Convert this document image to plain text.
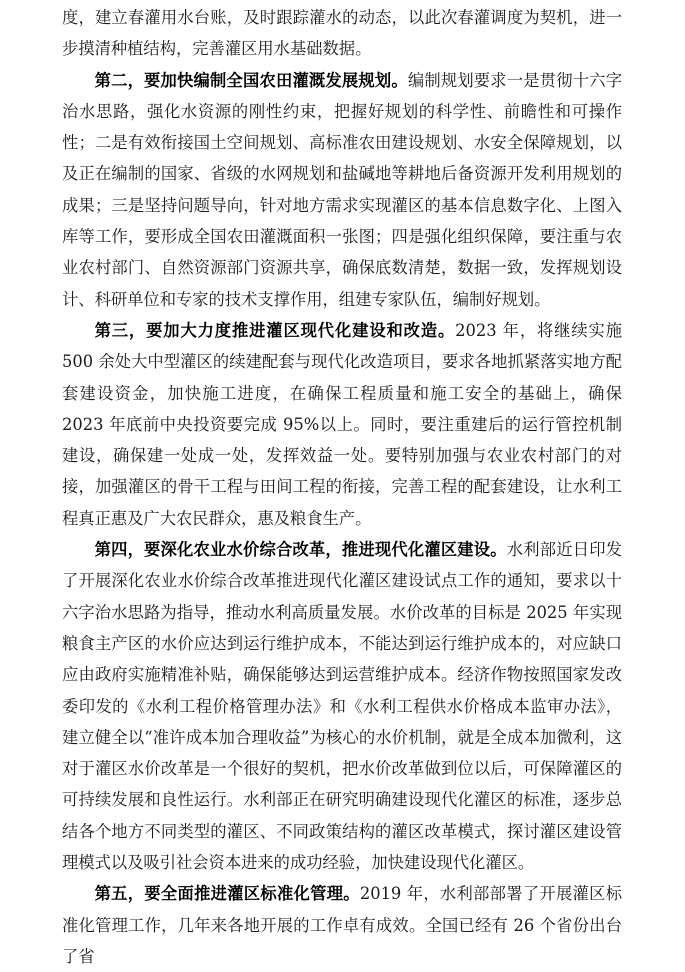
度，建立春灌用水台账，及时跟踪灌水的动态，以此次春灌调度为契机，进一步摸清种植结构，完善灌区用水基础数据。

第二，要加快编制全国农田灌溉发展规划。编制规划要求一是贯彻十六字治水思路，强化水资源的刚性约束，把握好规划的科学性、前瞻性和可操作性；二是有效衔接国土空间规划、高标准农田建设规划、水安全保障规划，以及正在编制的国家、省级的水网规划和盐碱地等耕地后备资源开发利用规划的成果；三是坚持问题导向，针对地方需求实现灌区的基本信息数字化、上图入库等工作，要形成全国农田灌溉面积一张图；四是强化组织保障，要注重与农业农村部门、自然资源部门资源共享，确保底数清楚，数据一致，发挥规划设计、科研单位和专家的技术支撑作用，组建专家队伍，编制好规划。

第三，要加大力度推进灌区现代化建设和改造。2023 年，将继续实施 500 余处大中型灌区的续建配套与现代化改造项目，要求各地抓紧落实地方配套建设资金，加快施工进度，在确保工程质量和施工安全的基础上，确保 2023 年底前中央投资要完成 95%以上。同时，要注重建后的运行管控机制建设，确保建一处成一处，发挥效益一处。要特别加强与农业农村部门的对接，加强灌区的骨干工程与田间工程的衔接，完善工程的配套建设，让水利工程真正惠及广大农民群众，惠及粮食生产。

第四，要深化农业水价综合改革，推进现代化灌区建设。水利部近日印发了开展深化农业水价综合改革推进现代化灌区建设试点工作的通知，要求以十六字治水思路为指导，推动水利高质量发展。水价改革的目标是 2025 年实现粮食主产区的水价应达到运行维护成本，不能达到运行维护成本的，对应缺口应由政府实施精准补贴，确保能够达到运营维护成本。经济作物按照国家发改委印发的《水利工程价格管理办法》和《水利工程供水价格成本监审办法》，建立健全以“准许成本加合理收益”为核心的水价机制，就是全成本加微利，这对于灌区水价改革是一个很好的契机，把水价改革做到位以后，可保障灌区的可持续发展和良性运行。水利部正在研究明确建设现代化灌区的标准，逐步总结各个地方不同类型的灌区、不同政策结构的灌区改革模式，探讨灌区建设管理模式以及吸引社会资本进来的成功经验，加快建设现代化灌区。

第五，要全面推进灌区标准化管理。2019 年，水利部部署了开展灌区标准化管理工作，几年来各地开展的工作卓有成效。全国已经有 26 个省份出台了省
